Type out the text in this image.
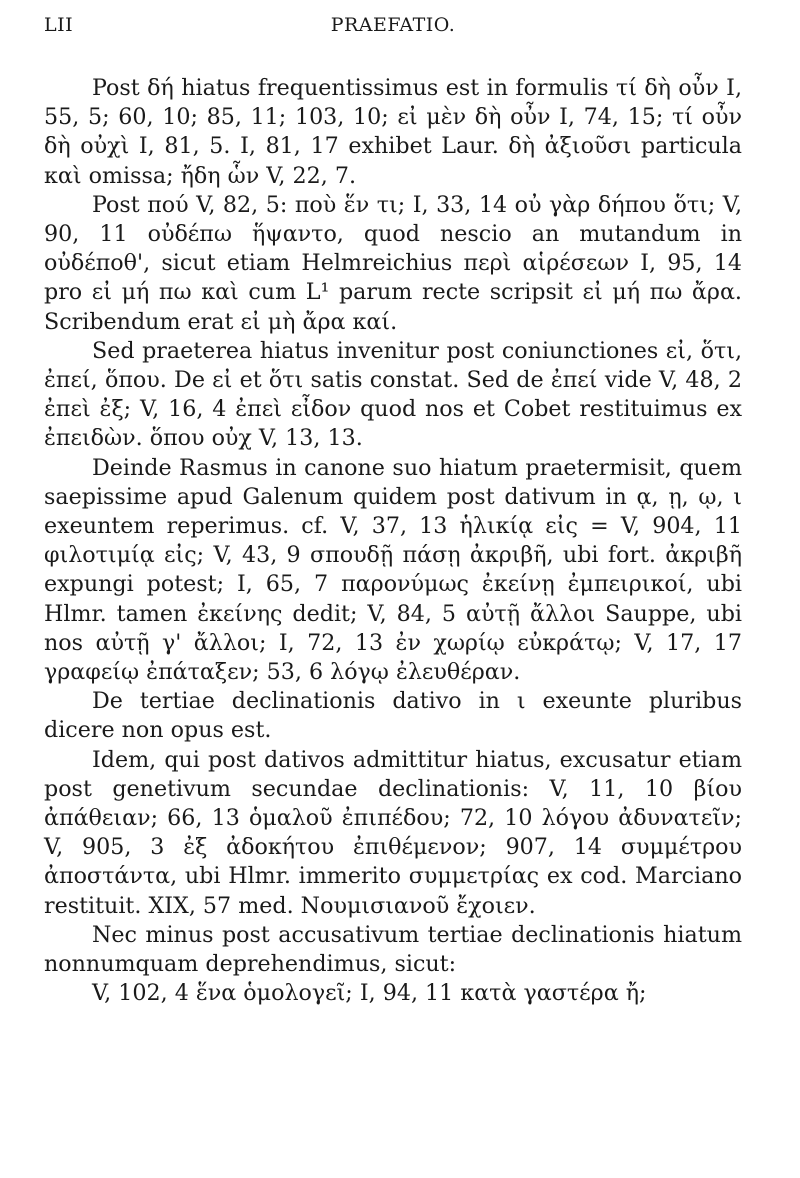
LII	PRAEFATIO.

Post δή hiatus frequentissimus est in formulis τί δὴ οὖν I, 55, 5; 60, 10; 85, 11; 103, 10; εἰ μὲν δὴ οὖν I, 74, 15; τί οὖν δὴ οὐχὶ I, 81, 5. I, 81, 17 exhibet Laur. δὴ ἀξιοῦσι particula καὶ omissa; ἤδη ὧν V, 22, 7.

Post πού V, 82, 5: ποὺ ἕν τι; I, 33, 14 οὐ γὰρ δήπου ὅτι; V, 90, 11 οὐδέπω ἥψαντο, quod nescio an mutandum in οὐδέποθ', sicut etiam Helmreichius περὶ αἱρέσεων I, 95, 14 pro εἰ μή πω καὶ cum L¹ parum recte scripsit εἰ μή πω ἄρα. Scribendum erat εἰ μὴ ἄρα καί.

Sed praeterea hiatus invenitur post coniunctiones εἰ, ὅτι, ἐπεί, ὅπου. De εἰ et ὅτι satis constat. Sed de ἐπεί vide V, 48, 2 ἐπεὶ ἐξ; V, 16, 4 ἐπεὶ εἶδον quod nos et Cobet restituimus ex ἐπειδὼν. ὅπου οὐχ V, 13, 13.

Deinde Rasmus in canone suo hiatum praetermisit, quem saepissime apud Galenum quidem post dativum in ᾳ, ῃ, ῳ, ι exeuntem reperimus. cf. V, 37, 13 ἡλικίᾳ εἰς = V, 904, 11 φιλοτιμίᾳ εἰς; V, 43, 9 σπουδῇ πάσῃ ἀκριβῆ, ubi fort. ἀκριβῆ expungi potest; I, 65, 7 παρονύμως ἐκείνῃ ἐμπειρικοί, ubi Hlmr. tamen ἐκείνης dedit; V, 84, 5 αὐτῇ ἄλλοι Sauppe, ubi nos αὐτῇ γ' ἄλλοι; I, 72, 13 ἐν χωρίῳ εὐκράτῳ; V, 17, 17 γραφείῳ ἐπάταξεν; 53, 6 λόγῳ ἐλευθέραν.

De tertiae declinationis dativo in ι exeunte pluribus dicere non opus est.

Idem, qui post dativos admittitur hiatus, excusatur etiam post genetivum secundae declinationis: V, 11, 10 βίου ἀπάθειαν; 66, 13 ὁμαλοῦ ἐπιπέδου; 72, 10 λόγου ἀδυνατεῖν; V, 905, 3 ἐξ ἀδοκήτου ἐπιθέμενον; 907, 14 συμμέτρου ἀποστάντα, ubi Hlmr. immerito συμμετρίας ex cod. Marciano restituit. XIX, 57 med. Νουμισιανοῦ ἔχοιεν.

Nec minus post accusativum tertiae declinationis hiatum nonnumquam deprehendimus, sicut:

V, 102, 4 ἕνα ὁμολογεῖ; I, 94, 11 κατὰ γαστέρα ἤ;
